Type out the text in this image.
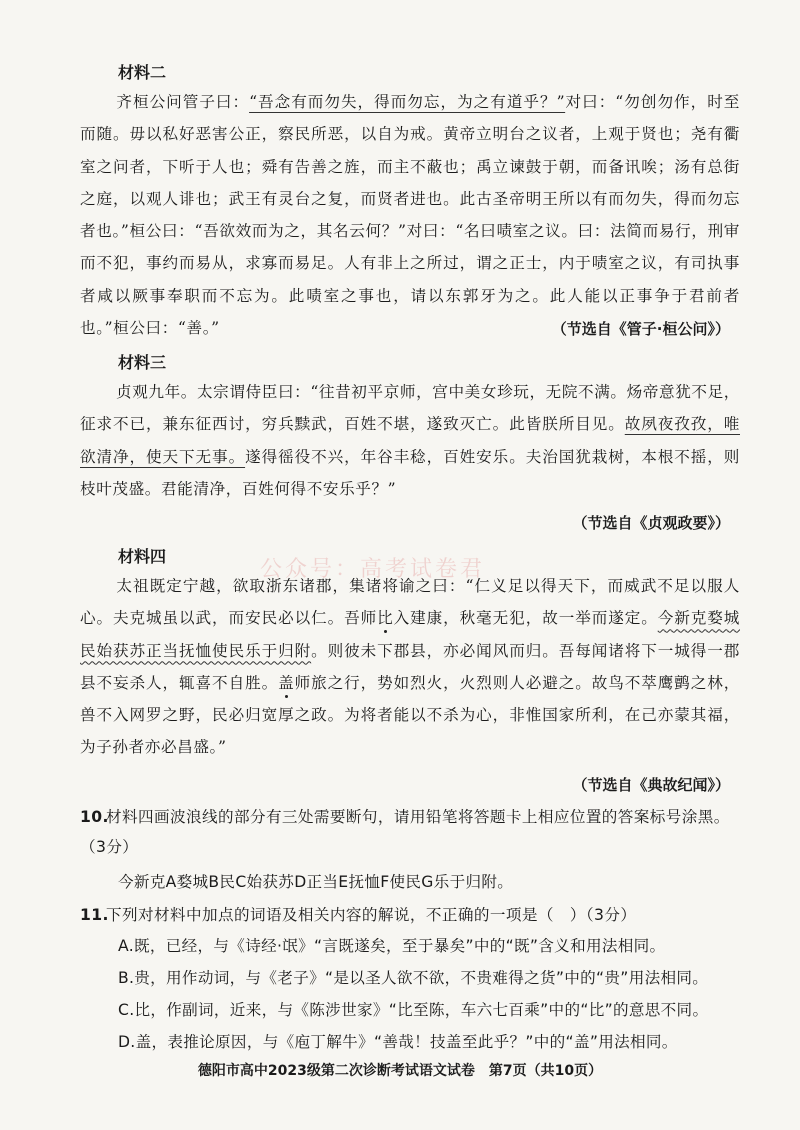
材料二
齐桓公问管子曰：“吾念有而勿失，得而勿忘，为之有道乎？”对曰：“勿创勿作，时至而随。毋以私好恶害公正，察民所恶，以自为戒。黄帝立明台之议者，上观于贤也；尧有衢室之问者，下听于人也；舜有告善之旌，而主不蔽也；禹立谏鼓于朝，而备讯唉；汤有总街之庭，以观人诽也；武王有灵台之复，而贤者进也。此古圣帝明王所以有而勿失，得而勿忘者也。”桓公曰：“吾欲效而为之，其名云何？”对曰：“名曰啧室之议。曰：法简而易行，刑审而不犯，事约而易从，求寡而易足。人有非上之所过，谓之正士，内于啧室之议，有司执事者咸以厥事奉职而不忘为。此啧室之事也，请以东郭牙为之。此人能以正事争于君前者也。”桓公曰：“善。”	（节选自《管子·桓公问》）
材料三
贞观九年。太宗谓侍臣曰：“往昔初平京师，宫中美女珍玩，无院不满。炀帝意犹不足，征求不已，兼东征西讨，穷兵黩武，百姓不堪，遂致灭亡。此皆朕所目见。故夙夜孜孜，唯欲清净，使天下无事。遂得徭役不兴，年谷丰稔，百姓安乐。夫治国犹栽树，本根不摇，则枝叶茂盛。君能清净，百姓何得不安乐乎？”
（节选自《贞观政要》）
公众号：高考试卷君
材料四
太祖既定宁越，欲取浙东诸郡，集诸将谕之曰：“仁义足以得天下，而威武不足以服人心。夫克城虽以武，而安民必以仁。吾师比入建康，秋毫无犯，故一举而遂定。今新克婺城民始获苏正当抚恤使民乐于归附。则彼未下郡县，亦必闻风而归。吾每闻诸将下一城得一郡县不妄杀人，辄喜不自胜。盖师旅之行，势如烈火，火烈则人必避之。故鸟不萃鹰鹯之林，兽不入网罗之野，民必归宽厚之政。为将者能以不杀为心，非惟国家所利，在己亦蒙其福，为子孙者亦必昌盛。”
（节选自《典故纪闻》）
10.材料四画波浪线的部分有三处需要断句，请用铅笔将答题卡上相应位置的答案标号涂黑。（3分）
今新克A婺城B民C始获苏D正当E抚恤F使民G乐于归附。
11.下列对材料中加点的词语及相关内容的解说，不正确的一项是（　）（3分）
A.既，已经，与《诗经·氓》“言既遂矣，至于暴矣”中的“既”含义和用法相同。
B.贵，用作动词，与《老子》“是以圣人欲不欲，不贵难得之货”中的“贵”用法相同。
C.比，作副词，近来，与《陈涉世家》“比至陈，车六七百乘”中的“比”的意思不同。
D.盖，表推论原因，与《庖丁解牛》“善哉！技盖至此乎？”中的“盖”用法相同。
德阳市高中2023级第二次诊断考试语文试卷　第7页（共10页）
